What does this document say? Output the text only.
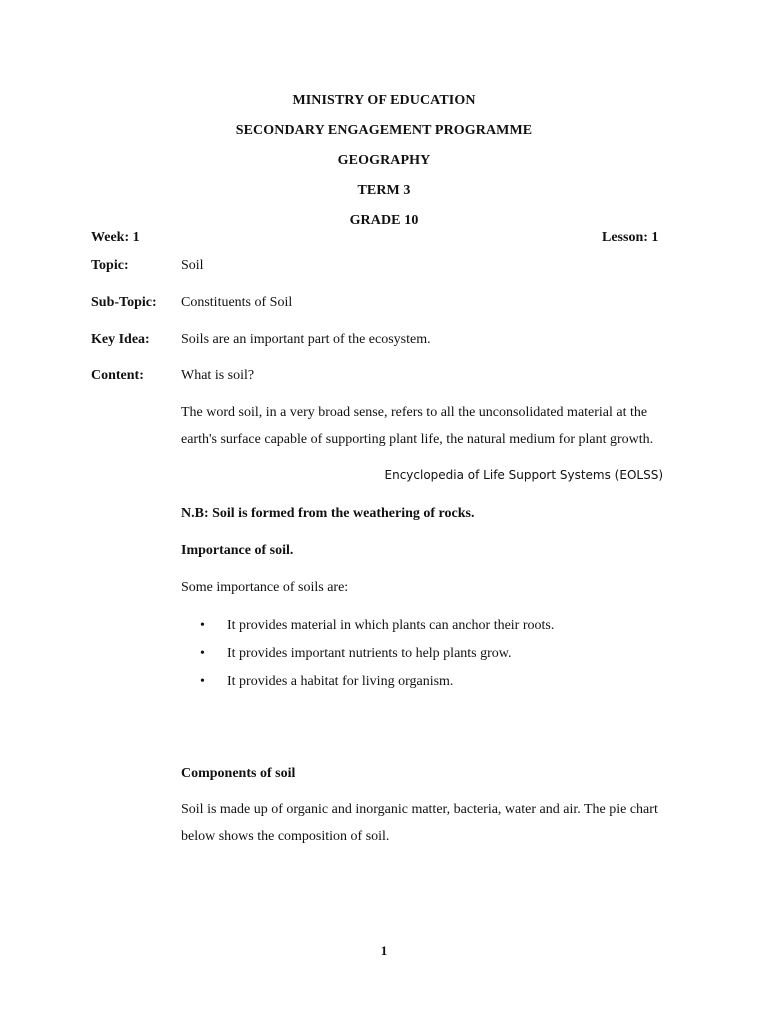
MINISTRY OF EDUCATION
SECONDARY ENGAGEMENT PROGRAMME
GEOGRAPHY
TERM 3
GRADE 10
Week: 1	Lesson: 1
Topic:	Soil
Sub-Topic: Constituents of Soil
Key Idea: Soils are an important part of the ecosystem.
Content:	What is soil?
The word soil, in a very broad sense, refers to all the unconsolidated material at the earth's surface capable of supporting plant life, the natural medium for plant growth.
Encyclopedia of Life Support Systems (EOLSS)
N.B: Soil is formed from the weathering of rocks.
Importance of soil.
Some importance of soils are:
• It provides material in which plants can anchor their roots.
• It provides important nutrients to help plants grow.
• It provides a habitat for living organism.
Components of soil
Soil is made up of organic and inorganic matter, bacteria, water and air. The pie chart below shows the composition of soil.
1
